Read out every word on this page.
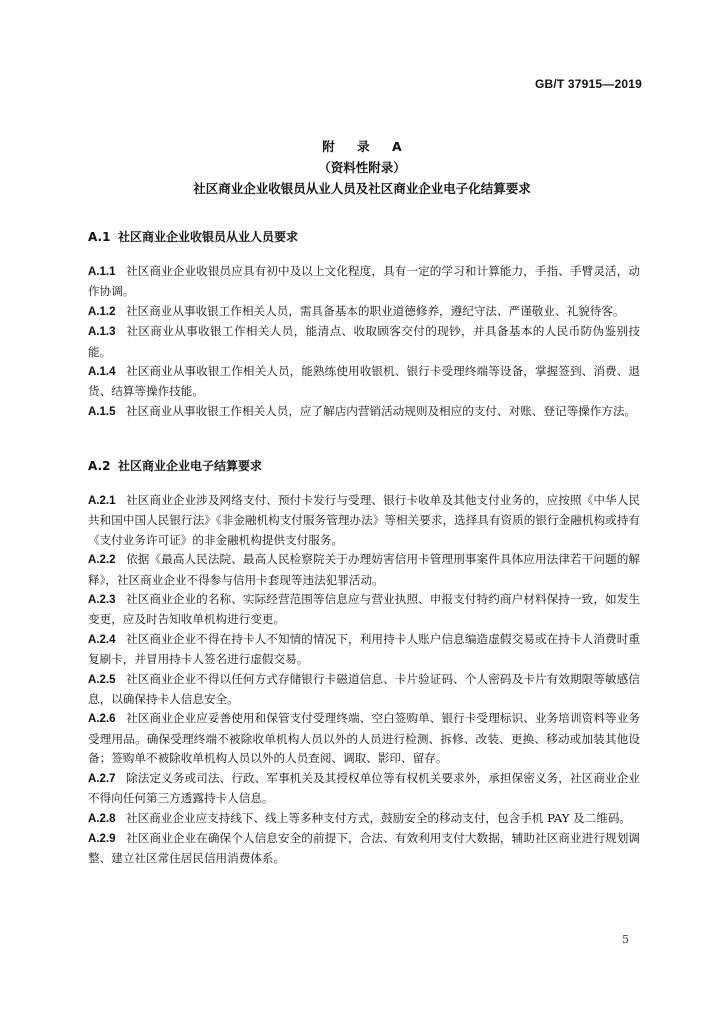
GB/T 37915—2019
附 录 A
（资料性附录）
社区商业企业收银员从业人员及社区商业企业电子化结算要求
A.1 社区商业企业收银员从业人员要求

A.1.1 社区商业企业收银员应具有初中及以上文化程度，具有一定的学习和计算能力，手指、手臂灵活，动作协调。

A.1.2 社区商业从事收银工作相关人员，需具备基本的职业道德修养，遵纪守法、严谨敬业、礼貌待客。

A.1.3 社区商业从事收银工作相关人员，能清点、收取顾客交付的现钞，并具备基本的人民币防伪鉴别技能。

A.1.4 社区商业从事收银工作相关人员，能熟练使用收银机、银行卡受理终端等设备，掌握签到、消费、退货、结算等操作技能。

A.1.5 社区商业从事收银工作相关人员，应了解店内营销活动规则及相应的支付、对账、登记等操作方法。

A.2 社区商业企业电子结算要求

A.2.1 社区商业企业涉及网络支付、预付卡发行与受理、银行卡收单及其他支付业务的，应按照《中华人民共和国中国人民银行法》《非金融机构支付服务管理办法》等相关要求，选择具有资质的银行金融机构或持有《支付业务许可证》的非金融机构提供支付服务。

A.2.2 依据《最高人民法院、最高人民检察院关于办理妨害信用卡管理刑事案件具体应用法律若干问题的解释》，社区商业企业不得参与信用卡套现等违法犯罪活动。

A.2.3 社区商业企业的名称、实际经营范围等信息应与营业执照、申报支付特约商户材料保持一致，如发生变更，应及时告知收单机构进行变更。

A.2.4 社区商业企业不得在持卡人不知情的情况下，利用持卡人账户信息编造虚假交易或在持卡人消费时重复刷卡，并冒用持卡人签名进行虚假交易。

A.2.5 社区商业企业不得以任何方式存储银行卡磁道信息、卡片验证码、个人密码及卡片有效期限等敏感信息，以确保持卡人信息安全。

A.2.6 社区商业企业应妥善使用和保管支付受理终端、空白签购单、银行卡受理标识、业务培训资料等业务受理用品。确保受理终端不被除收单机构人员以外的人员进行检测、拆修、改装、更换、移动或加装其他设备；签购单不被除收单机构人员以外的人员查阅、调取、影印、留存。

A.2.7 除法定义务或司法、行政、军事机关及其授权单位等有权机关要求外，承担保密义务，社区商业企业不得向任何第三方透露持卡人信息。

A.2.8 社区商业企业应支持线下、线上等多种支付方式，鼓励安全的移动支付，包含手机 PAY 及二维码。

A.2.9 社区商业企业在确保个人信息安全的前提下，合法、有效利用支付大数据，辅助社区商业进行规划调整、建立社区常住居民信用消费体系。

5
